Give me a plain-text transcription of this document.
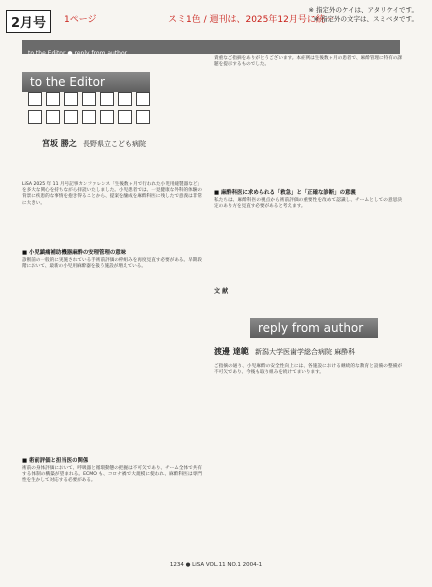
2月号	1ページ	スミ1色 / 週刊は、2025年12月号に統一
※ 指定外のケイは、アタリケイです。
※ 指定外の文字は、スミベタです。
to the Editor ● reply from author
to the Editor
宮坂 勝之 長野県立こども病院
LiSA 2025 年 11 月号記事カンファレンス「生後数ヶ月で行われた小児用縫製器など」を多大な関心を持ちながら拝読いたしました。小児患者では、一見健康な外科的体験の背景に疾患的な事情を抱き得ることから、提案を醸成を麻酔科医に残したで意義は非常に大きい。
■ 小児鎮痛補助機器麻酔の安理管理の意味
診断前の一般的に実施されている手術前評価の枠組みを再度見直す必要がある。早期段階において、最新の小児用麻酔器を扱う施設が増えている。
■ 術前評価と担当医の関係
術前の身体評価において、呼吸器と循環動態の把握は不可欠であり、チーム全体で共有する体制の構築が望まれる。ECMO も、コロナ禍で大規模に使われ、麻酔科医は専門性を生かして対応する必要がある。
貴重なご指摘をありがとうございます。本症例は生後数ヶ月の患者で、麻酔管理に特有の課題を提示するものでした。
■ 麻酔科医に求められる「救急」と「正確な診断」の意義
私たちは、麻酔科医の視点から術前評価の重要性を改めて認識し、チームとしての意思決定のあり方を見直す必要があると考えます。
文 献
reply from author
渡邊 達範 新潟大学医歯学総合病院 麻酔科
ご指摘の通り、小児麻酔の安全性向上には、各施設における継続的な教育と設備の整備が不可欠であり、今後も取り組みを続けてまいります。
1234 ● LiSA VOL.11 NO.1 2004-1
